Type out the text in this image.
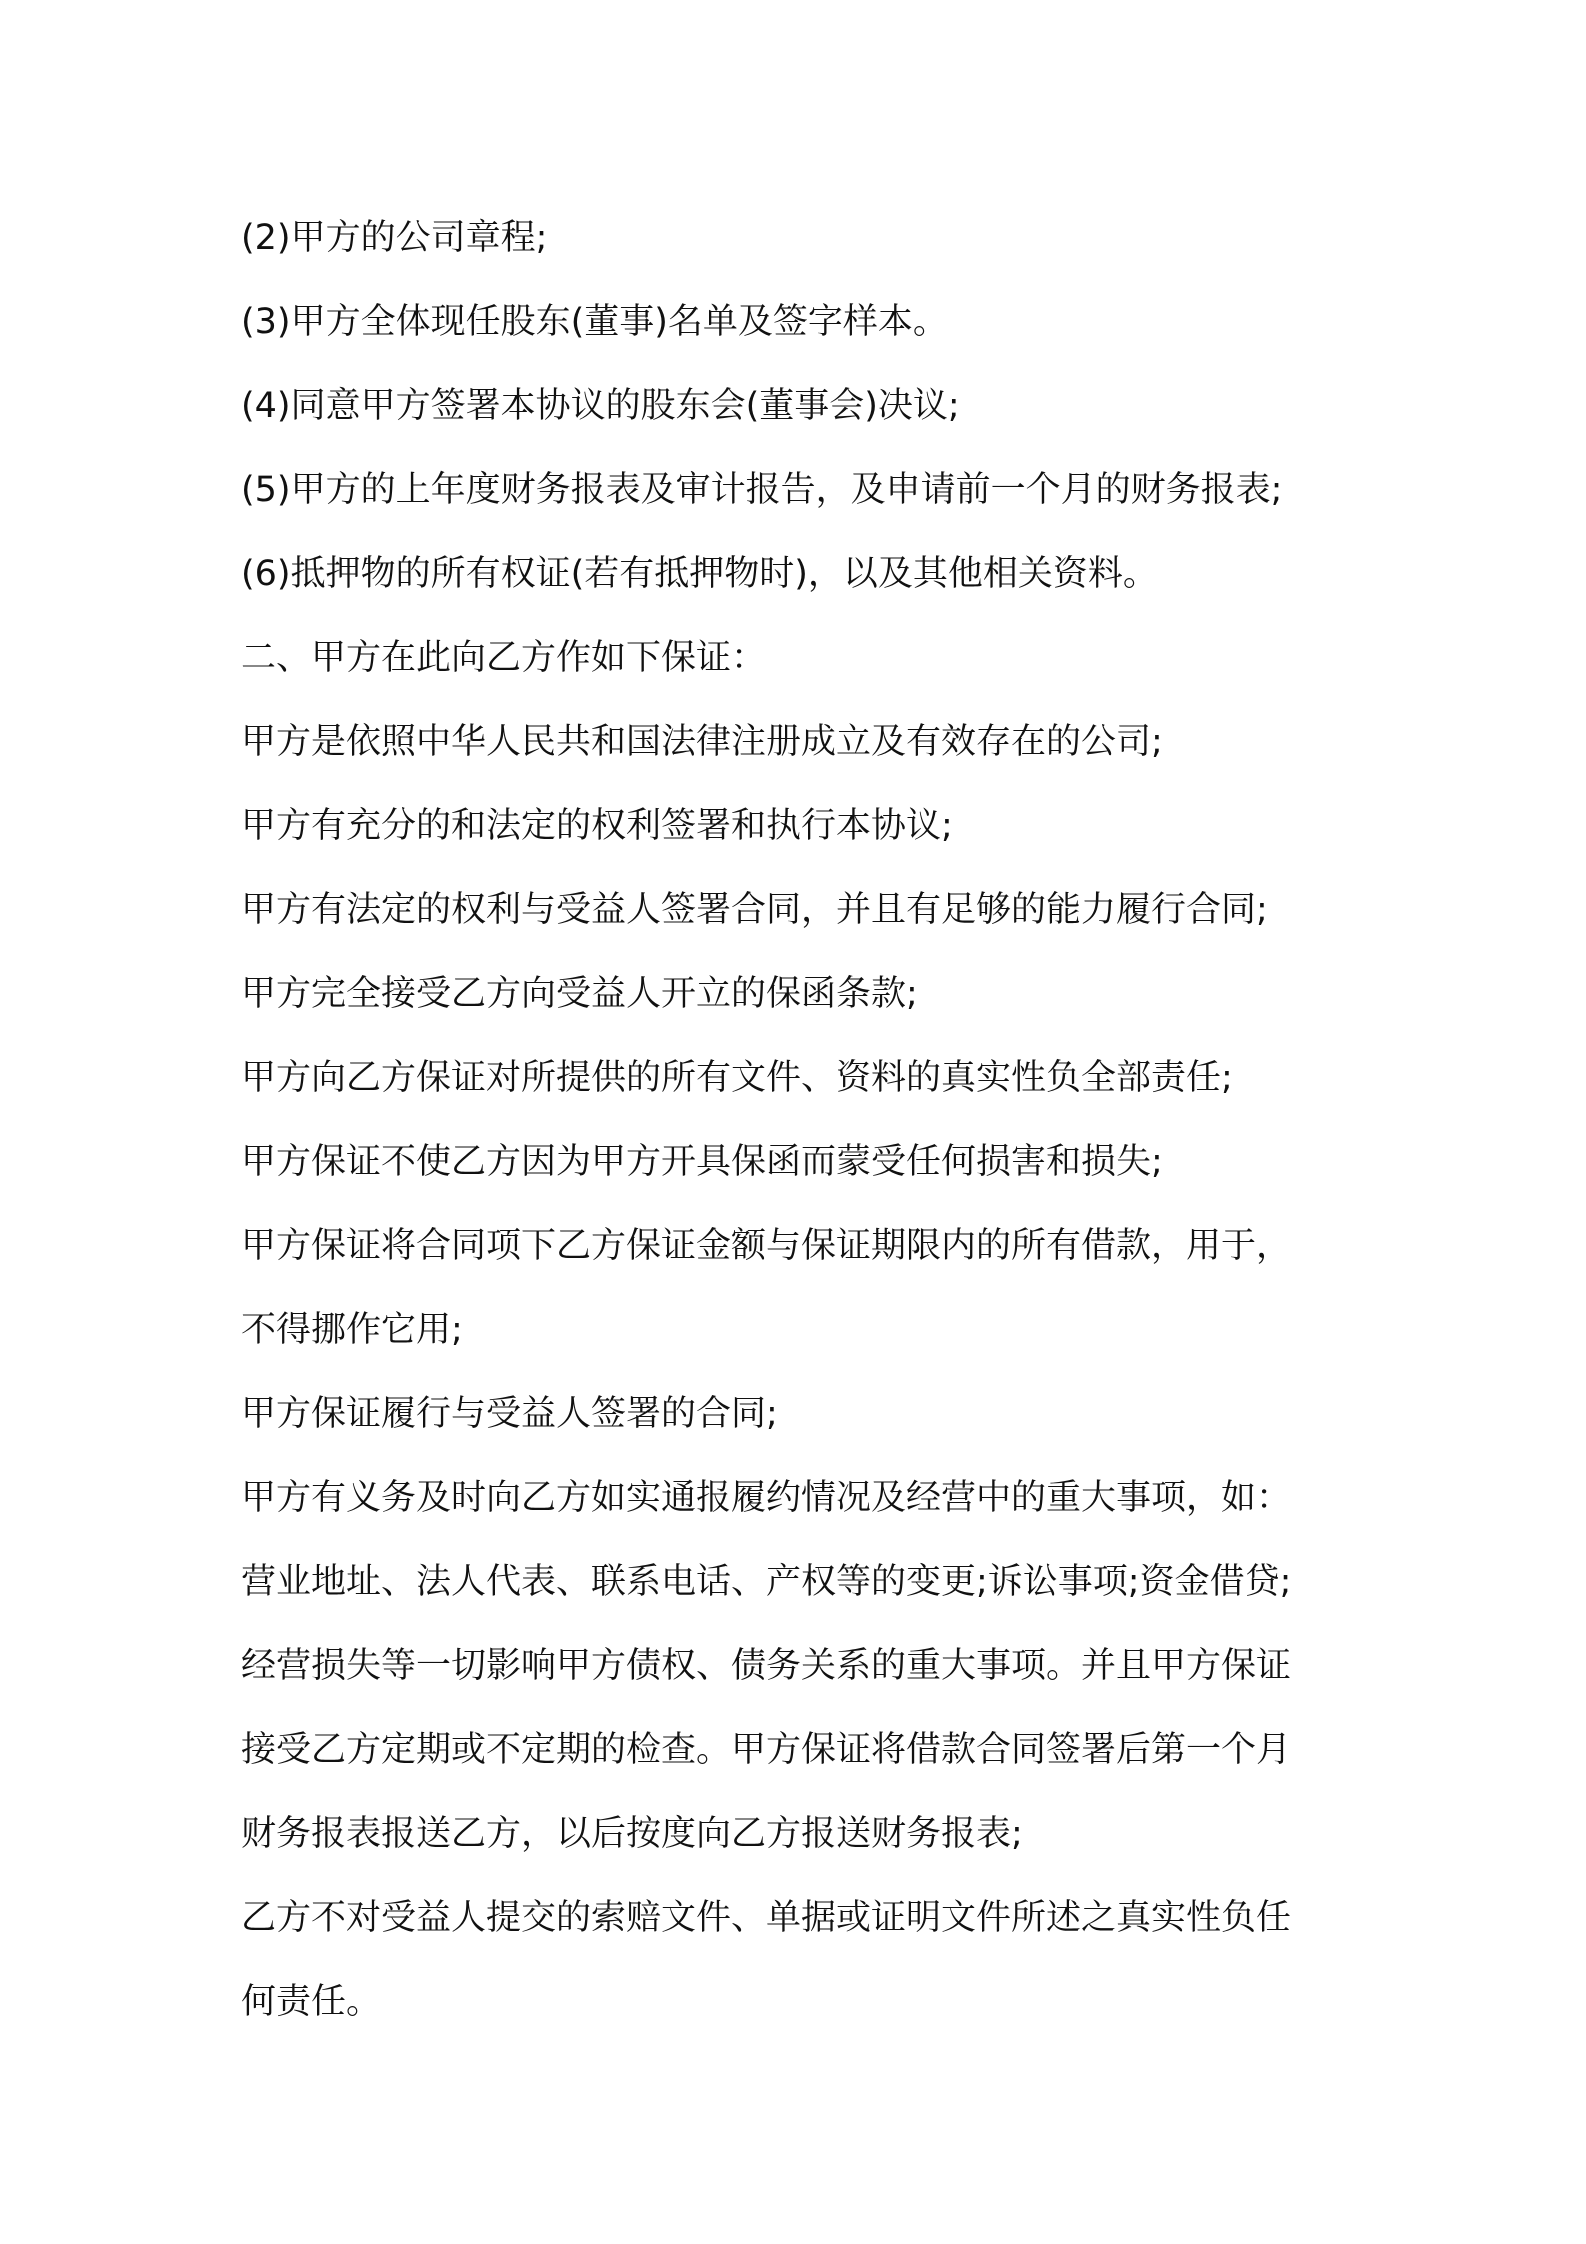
(2)甲方的公司章程;
(3)甲方全体现任股东(董事)名单及签字样本。
(4)同意甲方签署本协议的股东会(董事会)决议;
(5)甲方的上年度财务报表及审计报告，及申请前一个月的财务报表;
(6)抵押物的所有权证(若有抵押物时)，以及其他相关资料。
二、甲方在此向乙方作如下保证：
甲方是依照中华人民共和国法律注册成立及有效存在的公司;
甲方有充分的和法定的权利签署和执行本协议;
甲方有法定的权利与受益人签署合同，并且有足够的能力履行合同;
甲方完全接受乙方向受益人开立的保函条款;
甲方向乙方保证对所提供的所有文件、资料的真实性负全部责任;
甲方保证不使乙方因为甲方开具保函而蒙受任何损害和损失;
甲方保证将合同项下乙方保证金额与保证期限内的所有借款，用于，
不得挪作它用;
甲方保证履行与受益人签署的合同;
甲方有义务及时向乙方如实通报履约情况及经营中的重大事项，如：
营业地址、法人代表、联系电话、产权等的变更;诉讼事项;资金借贷;
经营损失等一切影响甲方债权、债务关系的重大事项。并且甲方保证
接受乙方定期或不定期的检查。甲方保证将借款合同签署后第一个月
财务报表报送乙方，以后按度向乙方报送财务报表;
乙方不对受益人提交的索赔文件、单据或证明文件所述之真实性负任
何责任。
